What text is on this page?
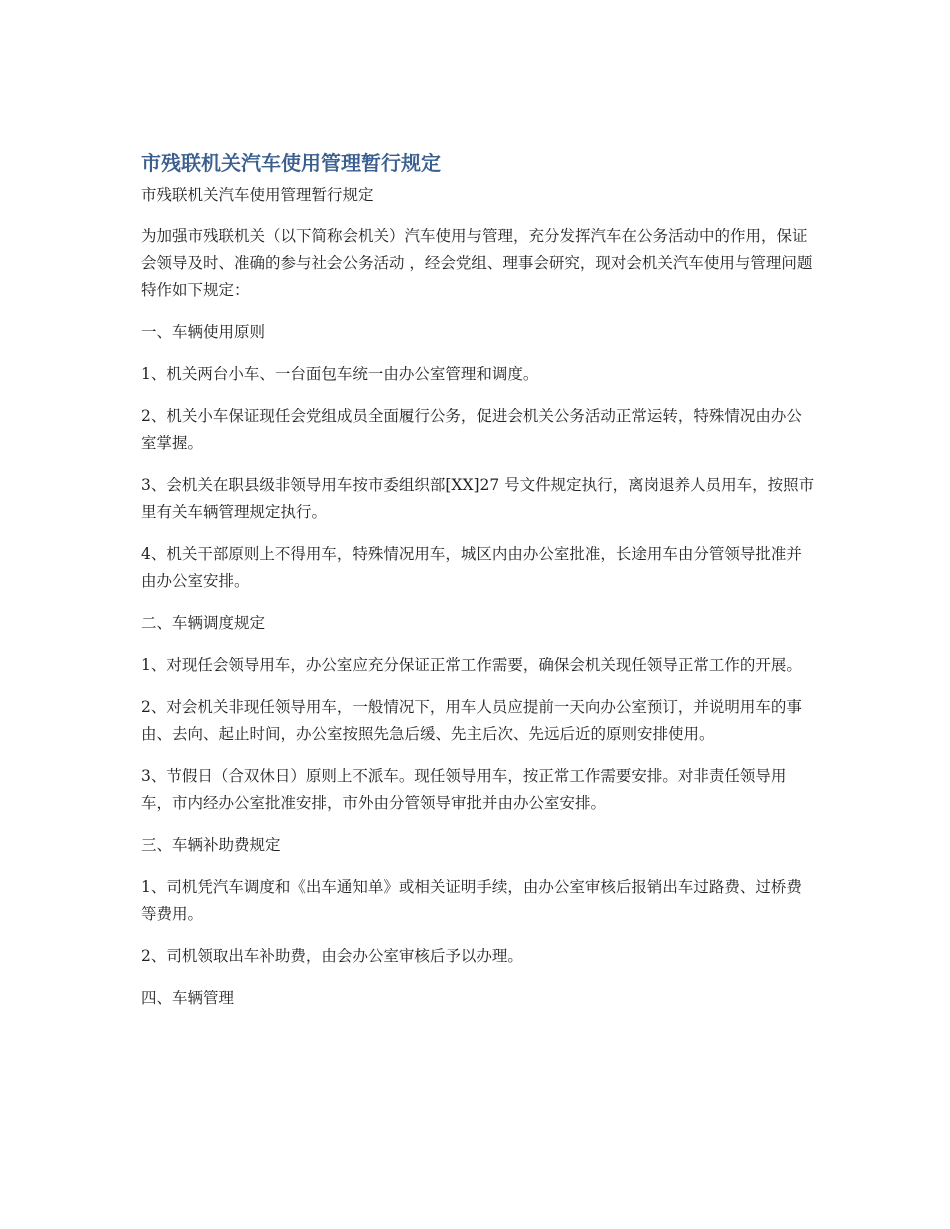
市残联机关汽车使用管理暂行规定
市残联机关汽车使用管理暂行规定

为加强市残联机关（以下简称会机关）汽车使用与管理，充分发挥汽车在公务活动中的作用，保证会领导及时、准确的参与社会公务活动 ，经会党组、理事会研究，现对会机关汽车使用与管理问题特作如下规定：

一、车辆使用原则

1、机关两台小车、一台面包车统一由办公室管理和调度。

2、机关小车保证现任会党组成员全面履行公务，促进会机关公务活动正常运转，特殊情况由办公室掌握。

3、会机关在职县级非领导用车按市委组织部[XX]27 号文件规定执行，离岗退养人员用车，按照市里有关车辆管理规定执行。

4、机关干部原则上不得用车，特殊情况用车，城区内由办公室批准，长途用车由分管领导批准并由办公室安排。

二、车辆调度规定

1、对现任会领导用车，办公室应充分保证正常工作需要，确保会机关现任领导正常工作的开展。

2、对会机关非现任领导用车，一般情况下，用车人员应提前一天向办公室预订，并说明用车的事由、去向、起止时间，办公室按照先急后缓、先主后次、先远后近的原则安排使用。

3、节假日（合双休日）原则上不派车。现任领导用车，按正常工作需要安排。对非责任领导用车，市内经办公室批准安排，市外由分管领导审批并由办公室安排。

三、车辆补助费规定

1、司机凭汽车调度和《出车通知单》或相关证明手续，由办公室审核后报销出车过路费、过桥费等费用。

2、司机领取出车补助费，由会办公室审核后予以办理。

四、车辆管理
